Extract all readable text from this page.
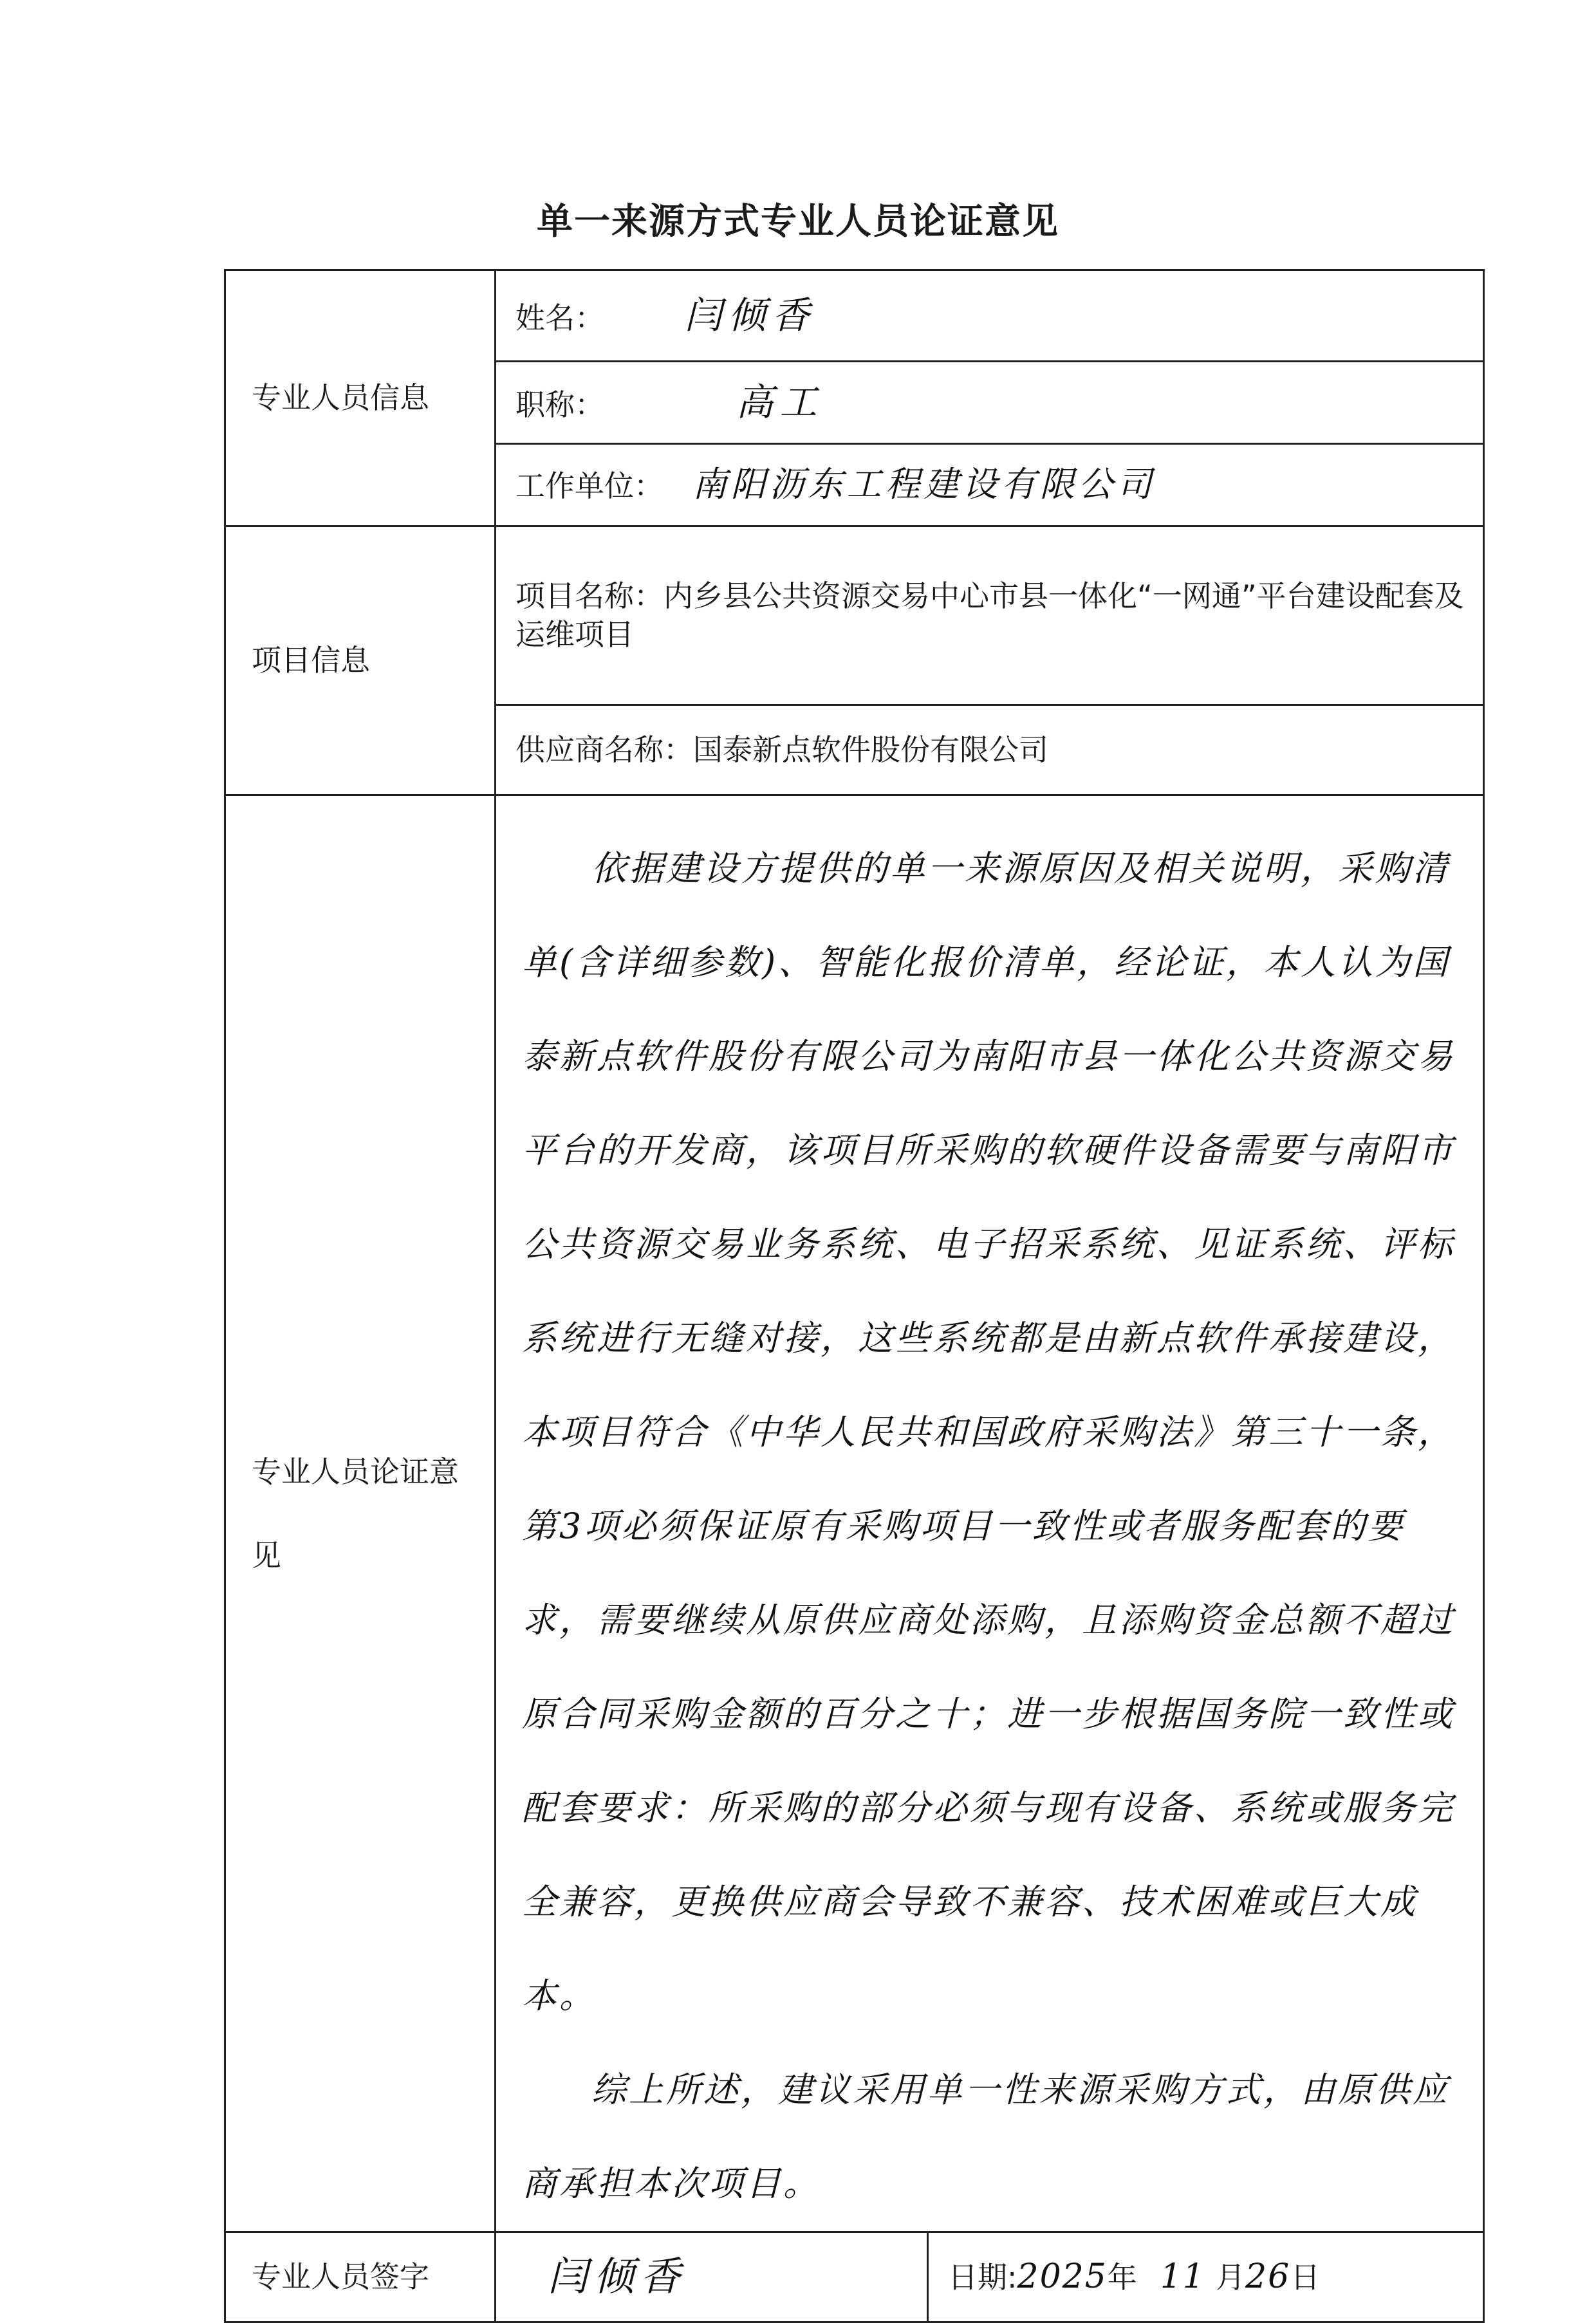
单一来源方式专业人员论证意见
专业人员信息	姓名： 闫倾香	
	职称： 高工	
	工作单位： 南阳沥东工程建设有限公司	
项目信息	项目名称：内乡县公共资源交易中心市县一体化“一网通”平台建设配套及运维项目	
	供应商名称：国泰新点软件股份有限公司	
专业人员论证意见	依据建设方提供的单一来源原因及相关说明，采购清单(含详细参数)、智能化报价清单，经论证，本人认为国泰新点软件股份有限公司为南阳市县一体化公共资源交易平台的开发商，该项目所采购的软硬件设备需要与南阳市公共资源交易业务系统、电子招采系统、见证系统、评标系统进行无缝对接，这些系统都是由新点软件承接建设，本项目符合《中华人民共和国政府采购法》第三十一条，第3项必须保证原有采购项目一致性或者服务配套的要求，需要继续从原供应商处添购，且添购资金总额不超过原合同采购金额的百分之十；进一步根据国务院一致性或配套要求：所采购的部分必须与现有设备、系统或服务完全兼容，更换供应商会导致不兼容、技术困难或巨大成本。

综上所述，建议采用单一性来源采购方式，由原供应商承担本次项目。	

专业人员签字	闫倾香	日期:2025年 11 月26日
